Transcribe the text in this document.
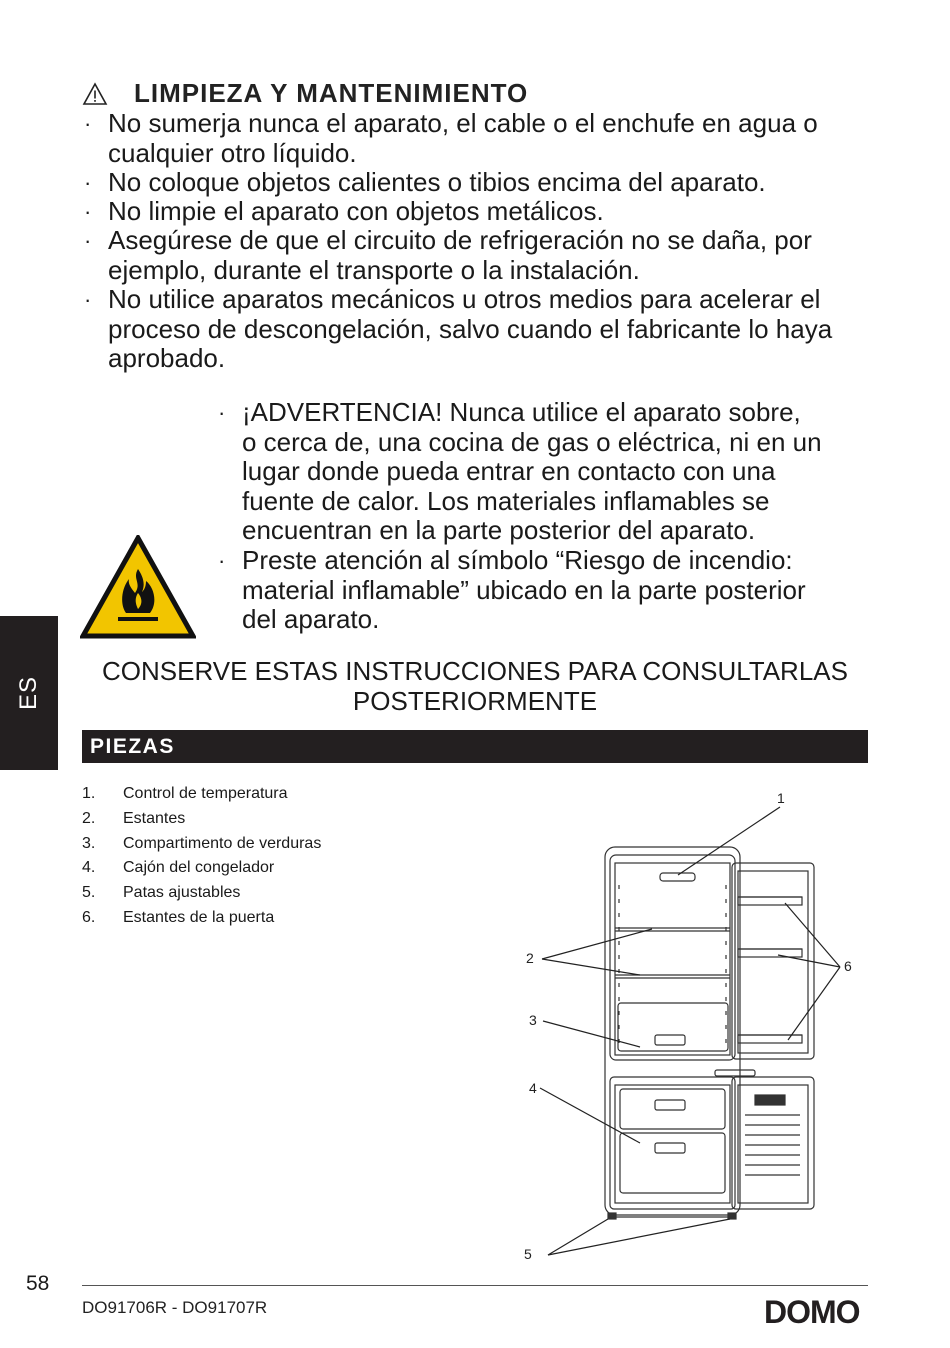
LIMPIEZA Y MANTENIMIENTO
· No sumerja nunca el aparato, el cable o el enchufe en agua o
cualquier otro líquido.
· No coloque objetos calientes o tibios encima del aparato.
· No limpie el aparato con objetos metálicos.
· Asegúrese de que el circuito de refrigeración no se daña, por
ejemplo, durante el transporte o la instalación.
· No utilice aparatos mecánicos u otros medios para acelerar el
proceso de descongelación, salvo cuando el fabricante lo haya
aprobado.
· ¡ADVERTENCIA! Nunca utilice el aparato sobre,
o cerca de, una cocina de gas o eléctrica, ni en un
lugar donde pueda entrar en contacto con una
fuente de calor. Los materiales inflamables se
encuentran en la parte posterior del aparato.
· Preste atención al símbolo “Riesgo de incendio:
material inflamable” ubicado en la parte posterior
del aparato.
CONSERVE ESTAS INSTRUCCIONES PARA CONSULTARLAS
POSTERIORMENTE
PIEZAS
ES
1.	Control de temperatura
2.	Estantes
3.	Compartimento de verduras
4.	Cajón del congelador
5.	Patas ajustables
6.	Estantes de la puerta
1
2
3
4
5
6
58
DO91706R - DO91707R	DOMO
